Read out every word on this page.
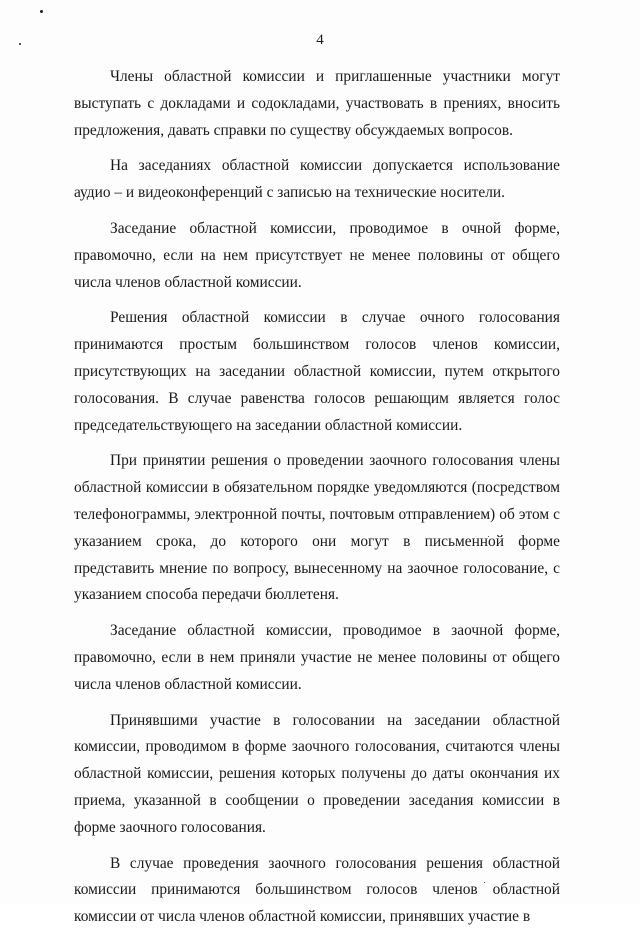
4

Члены областной комиссии и приглашенные участники могут выступать с докладами и содокладами, участвовать в прениях, вносить предложения, давать справки по существу обсуждаемых вопросов.

На заседаниях областной комиссии допускается использование аудио – и видеоконференций с записью на технические носители.

Заседание областной комиссии, проводимое в очной форме, правомочно, если на нем присутствует не менее половины от общего числа членов областной комиссии.

Решения областной комиссии в случае очного голосования принимаются простым большинством голосов членов комиссии, присутствующих на заседании областной комиссии, путем открытого голосования. В случае равенства голосов решающим является голос председательствующего на заседании областной комиссии.

При принятии решения о проведении заочного голосования члены областной комиссии в обязательном порядке уведомляются (посредством телефонограммы, электронной почты, почтовым отправлением) об этом с указанием срока, до которого они могут в письменной форме представить мнение по вопросу, вынесенному на заочное голосование, с указанием способа передачи бюллетеня.

Заседание областной комиссии, проводимое в заочной форме, правомочно, если в нем приняли участие не менее половины от общего числа членов областной комиссии.

Принявшими участие в голосовании на заседании областной комиссии, проводимом в форме заочного голосования, считаются члены областной комиссии, решения которых получены до даты окончания их приема, указанной в сообщении о проведении заседания комиссии в форме заочного голосования.

В случае проведения заочного голосования решения областной комиссии принимаются большинством голосов членов областной комиссии от числа членов областной комиссии, принявших участие в
